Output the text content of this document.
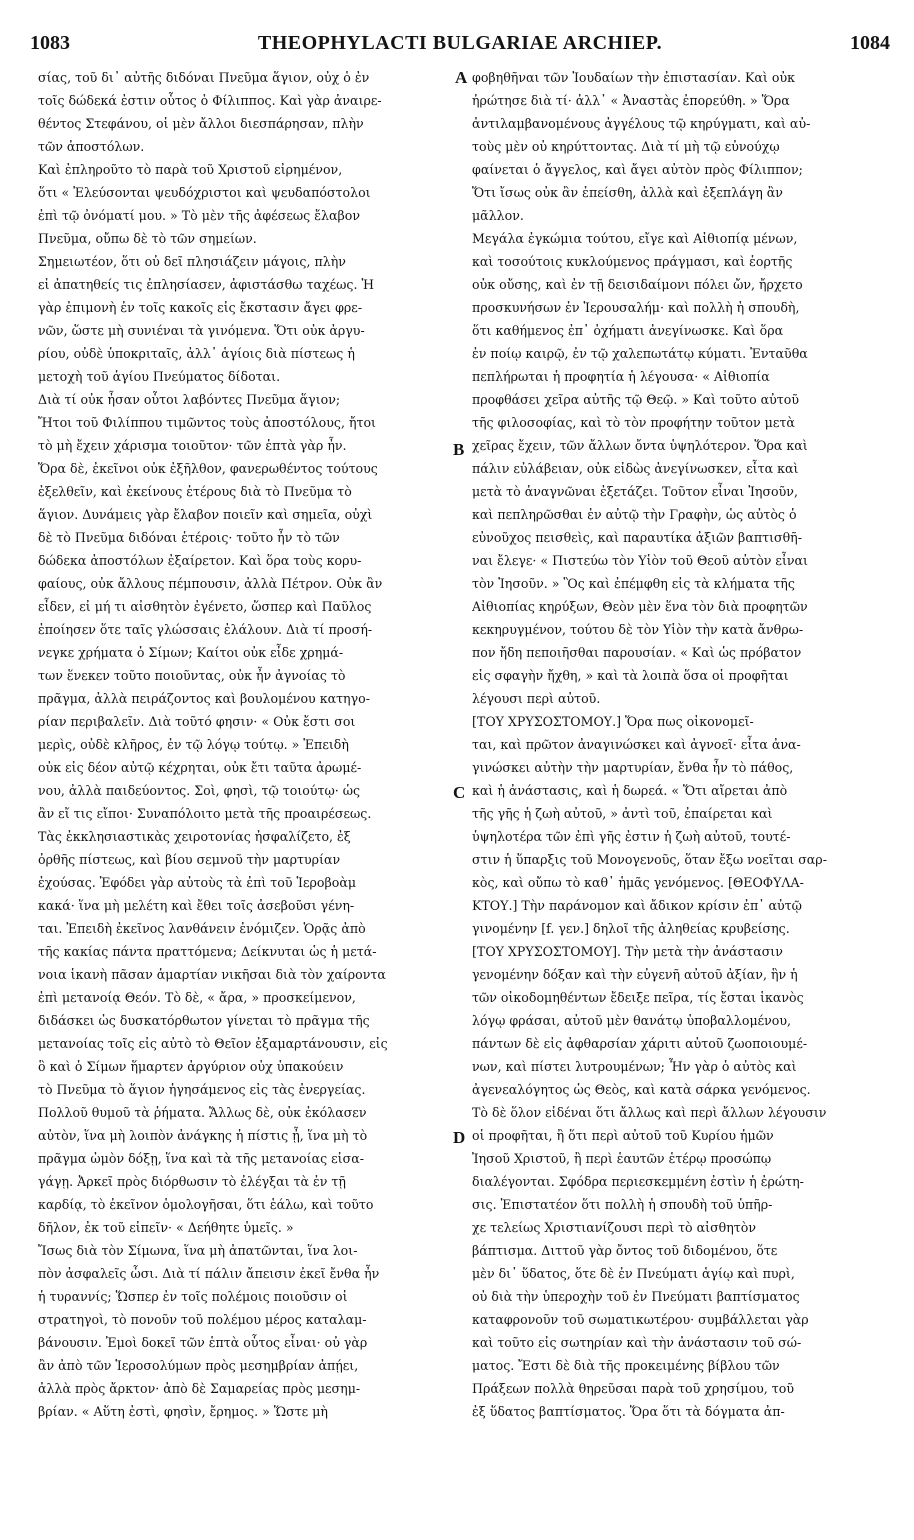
1083	THEOPHYLACTI BULGARIAE ARCHIEP.	1084
A
B
C
D
σίας, τοῦ δι᾽ αὐτῆς διδόναι Πνεῦμα ἅγιον, οὐχ ὁ ἐν
τοῖς δώδεκά ἐστιν οὗτος ὁ Φίλιππος. Καὶ γὰρ ἀναιρε-
θέντος Στεφάνου, οἱ μὲν ἄλλοι διεσπάρησαν, πλὴν
τῶν ἀποστόλων.
Καὶ ἐπληροῦτο τὸ παρὰ τοῦ Χριστοῦ εἰρημένον,
ὅτι « Ἐλεύσονται ψευδόχριστοι καὶ ψευδαπόστολοι
ἐπὶ τῷ ὀνόματί μου. » Τὸ μὲν τῆς ἀφέσεως ἔλαβον
Πνεῦμα, οὔπω δὲ τὸ τῶν σημείων.
Σημειωτέον, ὅτι οὐ δεῖ πλησιάζειν μάγοις, πλὴν
εἰ ἀπατηθείς τις ἐπλησίασεν, ἀφιστάσθω ταχέως. Ἡ
γὰρ ἐπιμονὴ ἐν τοῖς κακοῖς εἰς ἔκστασιν ἄγει φρε-
νῶν, ὥστε μὴ συνιέναι τὰ γινόμενα. Ὅτι οὐκ ἀργυ-
ρίου, οὐδὲ ὑποκριταῖς, ἀλλ᾽ ἁγίοις διὰ πίστεως ἡ
μετοχὴ τοῦ ἁγίου Πνεύματος δίδοται.
Διὰ τί οὐκ ἦσαν οὗτοι λαβόντες Πνεῦμα ἅγιον;
Ἤτοι τοῦ Φιλίππου τιμῶντος τοὺς ἀποστόλους, ἤτοι
τὸ μὴ ἔχειν χάρισμα τοιοῦτον· τῶν ἑπτὰ γὰρ ἦν.
Ὅρα δὲ, ἐκεῖνοι οὐκ ἐξῆλθον, φανερωθέντος τούτους
ἐξελθεῖν, καὶ ἐκείνους ἑτέρους διὰ τὸ Πνεῦμα τὸ
ἅγιον. Δυνάμεις γὰρ ἔλαβον ποιεῖν καὶ σημεῖα, οὐχὶ
δὲ τὸ Πνεῦμα διδόναι ἑτέροις· τοῦτο ἦν τὸ τῶν
δώδεκα ἀποστόλων ἐξαίρετον. Καὶ ὅρα τοὺς κορυ-
φαίους, οὐκ ἄλλους πέμπουσιν, ἀλλὰ Πέτρον. Οὐκ ἂν
εἶδεν, εἰ μή τι αἰσθητὸν ἐγένετο, ὥσπερ καὶ Παῦλος
ἐποίησεν ὅτε ταῖς γλώσσαις ἐλάλουν. Διὰ τί προσή-
νεγκε χρήματα ὁ Σίμων; Καίτοι οὐκ εἶδε χρημά-
των ἕνεκεν τοῦτο ποιοῦντας, οὐκ ἦν ἀγνοίας τὸ
πρᾶγμα, ἀλλὰ πειράζοντος καὶ βουλομένου κατηγο-
ρίαν περιβαλεῖν. Διὰ τοῦτό φησιν· « Οὐκ ἔστι σοι
μερὶς, οὐδὲ κλῆρος, ἐν τῷ λόγῳ τούτῳ. » Ἐπειδὴ
οὐκ εἰς δέον αὐτῷ κέχρηται, οὐκ ἔτι ταῦτα ἀρωμέ-
νου, ἀλλὰ παιδεύοντος. Σοὶ, φησὶ, τῷ τοιούτῳ· ὡς
ἂν εἴ τις εἴποι· Συναπόλοιτο μετὰ τῆς προαιρέσεως.
Τὰς ἐκκλησιαστικὰς χειροτονίας ἠσφαλίζετο, ἐξ
ὀρθῆς πίστεως, καὶ βίου σεμνοῦ τὴν μαρτυρίαν
ἐχούσας. Ἐφόδει γὰρ αὐτοὺς τὰ ἐπὶ τοῦ Ἱεροβοὰμ
κακά· ἵνα μὴ μελέτη καὶ ἔθει τοῖς ἀσεβοῦσι γένη-
ται. Ἐπειδὴ ἐκεῖνος λανθάνειν ἐνόμιζεν. Ὁρᾷς ἀπὸ
τῆς κακίας πάντα πραττόμενα; Δείκνυται ὡς ἡ μετά-
νοια ἱκανὴ πᾶσαν ἁμαρτίαν νικῆσαι διὰ τὸν χαίροντα
ἐπὶ μετανοίᾳ Θεόν. Τὸ δὲ, « ἄρα, » προσκείμενον,
διδάσκει ὡς δυσκατόρθωτον γίνεται τὸ πρᾶγμα τῆς
μετανοίας τοῖς εἰς αὐτὸ τὸ Θεῖον ἐξαμαρτάνουσιν, εἰς
ὃ καὶ ὁ Σίμων ἥμαρτεν ἀργύριον οὐχ ὑπακούειν
τὸ Πνεῦμα τὸ ἅγιον ἡγησάμενος εἰς τὰς ἐνεργείας.
Πολλοῦ θυμοῦ τὰ ῥήματα. Ἄλλως δὲ, οὐκ ἐκόλασεν
αὐτὸν, ἵνα μὴ λοιπὸν ἀνάγκης ἡ πίστις ᾖ, ἵνα μὴ τὸ
πρᾶγμα ὠμὸν δόξῃ, ἵνα καὶ τὰ τῆς μετανοίας εἰσα-
γάγῃ. Ἀρκεῖ πρὸς διόρθωσιν τὸ ἐλέγξαι τὰ ἐν τῇ
καρδίᾳ, τὸ ἐκεῖνον ὁμολογῆσαι, ὅτι ἑάλω, καὶ τοῦτο
δῆλον, ἐκ τοῦ εἰπεῖν· « Δεήθητε ὑμεῖς. »
Ἴσως διὰ τὸν Σίμωνα, ἵνα μὴ ἀπατῶνται, ἵνα λοι-
πὸν ἀσφαλεῖς ὦσι. Διὰ τί πάλιν ἄπεισιν ἐκεῖ ἔνθα ἦν
ἡ τυραννίς; Ὥσπερ ἐν τοῖς πολέμοις ποιοῦσιν οἱ
στρατηγοὶ, τὸ πονοῦν τοῦ πολέμου μέρος καταλαμ-
βάνουσιν. Ἐμοὶ δοκεῖ τῶν ἑπτὰ οὗτος εἶναι· οὐ γὰρ
ἂν ἀπὸ τῶν Ἱεροσολύμων πρὸς μεσημβρίαν ἀπῄει,
ἀλλὰ πρὸς ἄρκτον· ἀπὸ δὲ Σαμαρείας πρὸς μεσημ-
βρίαν. « Αὕτη ἐστὶ, φησὶν, ἔρημος. » Ὥστε μὴ
φοβηθῆναι τῶν Ἰουδαίων τὴν ἐπιστασίαν. Καὶ οὐκ
ἠρώτησε διὰ τί· ἀλλ᾽ « Ἀναστὰς ἐπορεύθη. » Ὅρα
ἀντιλαμβανομένους ἀγγέλους τῷ κηρύγματι, καὶ αὐ-
τοὺς μὲν οὐ κηρύττοντας. Διὰ τί μὴ τῷ εὐνούχῳ
φαίνεται ὁ ἄγγελος, καὶ ἄγει αὐτὸν πρὸς Φίλιππον;
Ὅτι ἴσως οὐκ ἂν ἐπείσθη, ἀλλὰ καὶ ἐξεπλάγη ἂν
μᾶλλον.
Μεγάλα ἐγκώμια τούτου, εἴγε καὶ Αἰθιοπίᾳ μένων,
καὶ τοσούτοις κυκλούμενος πράγμασι, καὶ ἑορτῆς
οὐκ οὔσης, καὶ ἐν τῇ δεισιδαίμονι πόλει ὤν, ἤρχετο
προσκυνήσων ἐν Ἱερουσαλήμ· καὶ πολλὴ ἡ σπουδὴ,
ὅτι καθήμενος ἐπ᾽ ὀχήματι ἀνεγίνωσκε. Καὶ ὅρα
ἐν ποίῳ καιρῷ, ἐν τῷ χαλεπωτάτῳ κύματι. Ἐνταῦθα
πεπλήρωται ἡ προφητία ἡ λέγουσα· « Αἰθιοπία
προφθάσει χεῖρα αὐτῆς τῷ Θεῷ. » Καὶ τοῦτο αὐτοῦ
τῆς φιλοσοφίας, καὶ τὸ τὸν προφήτην τοῦτον μετὰ
χεῖρας ἔχειν, τῶν ἄλλων ὄντα ὑψηλότερον. Ὅρα καὶ
πάλιν εὐλάβειαν, οὐκ εἰδὼς ἀνεγίνωσκεν, εἶτα καὶ
μετὰ τὸ ἀναγνῶναι ἐξετάζει. Τοῦτον εἶναι Ἰησοῦν,
καὶ πεπληρῶσθαι ἐν αὐτῷ τὴν Γραφὴν, ὡς αὐτὸς ὁ
εὐνοῦχος πεισθεὶς, καὶ παραυτίκα ἀξιῶν βαπτισθῆ-
ναι ἔλεγε· « Πιστεύω τὸν Υἱὸν τοῦ Θεοῦ αὐτὸν εἶναι
τὸν Ἰησοῦν. » Ὃς καὶ ἐπέμφθη εἰς τὰ κλήματα τῆς
Αἰθιοπίας κηρύξων, Θεὸν μὲν ἕνα τὸν διὰ προφητῶν
κεκηρυγμένον, τούτου δὲ τὸν Υἱὸν τὴν κατὰ ἄνθρω-
πον ἤδη πεποιῆσθαι παρουσίαν. « Καὶ ὡς πρόβατον
εἰς σφαγὴν ἤχθη, » καὶ τὰ λοιπὰ ὅσα οἱ προφῆται
λέγουσι περὶ αὐτοῦ.
[ΤΟΥ ΧΡΥΣΟΣΤΟΜΟΥ.] Ὅρα πως οἰκονομεῖ-
ται, καὶ πρῶτον ἀναγινώσκει καὶ ἀγνοεῖ· εἶτα ἀνα-
γινώσκει αὐτὴν τὴν μαρτυρίαν, ἔνθα ἦν τὸ πάθος,
καὶ ἡ ἀνάστασις, καὶ ἡ δωρεά. « Ὅτι αἴρεται ἀπὸ
τῆς γῆς ἡ ζωὴ αὐτοῦ, » ἀντὶ τοῦ, ἐπαίρεται καὶ
ὑψηλοτέρα τῶν ἐπὶ γῆς ἐστιν ἡ ζωὴ αὐτοῦ, τουτέ-
στιν ἡ ὕπαρξις τοῦ Μονογενοῦς, ὅταν ἔξω νοεῖται σαρ-
κὸς, καὶ οὔπω τὸ καθ᾽ ἡμᾶς γενόμενος. [ΘΕΟΦΥΛΑ-
ΚΤΟΥ.] Τὴν παράνομον καὶ ἄδικον κρίσιν ἐπ᾽ αὐτῷ
γινομένην [f. γεν.] δηλοῖ τῆς ἀληθείας κρυβείσης.
[ΤΟΥ ΧΡΥΣΟΣΤΟΜΟΥ]. Τὴν μετὰ τὴν ἀνάστασιν
γενομένην δόξαν καὶ τὴν εὐγενῆ αὐτοῦ ἀξίαν, ἣν ἡ
τῶν οἰκοδομηθέντων ἔδειξε πεῖρα, τίς ἔσται ἱκανὸς
λόγῳ φράσαι, αὐτοῦ μὲν θανάτῳ ὑποβαλλομένου,
πάντων δὲ εἰς ἀφθαρσίαν χάριτι αὐτοῦ ζωοποιουμέ-
νων, καὶ πίστει λυτρουμένων; Ἦν γὰρ ὁ αὐτὸς καὶ
ἀγενεαλόγητος ὡς Θεὸς, καὶ κατὰ σάρκα γενόμενος.
Τὸ δὲ ὅλον εἰδέναι ὅτι ἄλλως καὶ περὶ ἄλλων λέγουσιν
οἱ προφῆται, ἢ ὅτι περὶ αὐτοῦ τοῦ Κυρίου ἡμῶν
Ἰησοῦ Χριστοῦ, ἢ περὶ ἑαυτῶν ἑτέρῳ προσώπῳ
διαλέγονται. Σφόδρα περιεσκεμμένη ἐστὶν ἡ ἐρώτη-
σις. Ἐπιστατέον ὅτι πολλὴ ἡ σπουδὴ τοῦ ὑπῆρ-
χε τελείως Χριστιανίζουσι περὶ τὸ αἰσθητὸν
βάπτισμα. Διττοῦ γὰρ ὄντος τοῦ διδομένου, ὅτε
μὲν δι᾽ ὕδατος, ὅτε δὲ ἐν Πνεύματι ἁγίῳ καὶ πυρὶ,
οὐ διὰ τὴν ὑπεροχὴν τοῦ ἐν Πνεύματι βαπτίσματος
καταφρονοῦν τοῦ σωματικωτέρου· συμβάλλεται γὰρ
καὶ τοῦτο εἰς σωτηρίαν καὶ τὴν ἀνάστασιν τοῦ σώ-
ματος. Ἔστι δὲ διὰ τῆς προκειμένης βίβλου τῶν
Πράξεων πολλὰ θηρεῦσαι παρὰ τοῦ χρησίμου, τοῦ
ἐξ ὕδατος βαπτίσματος. Ὅρα ὅτι τὰ δόγματα ἀπ-
